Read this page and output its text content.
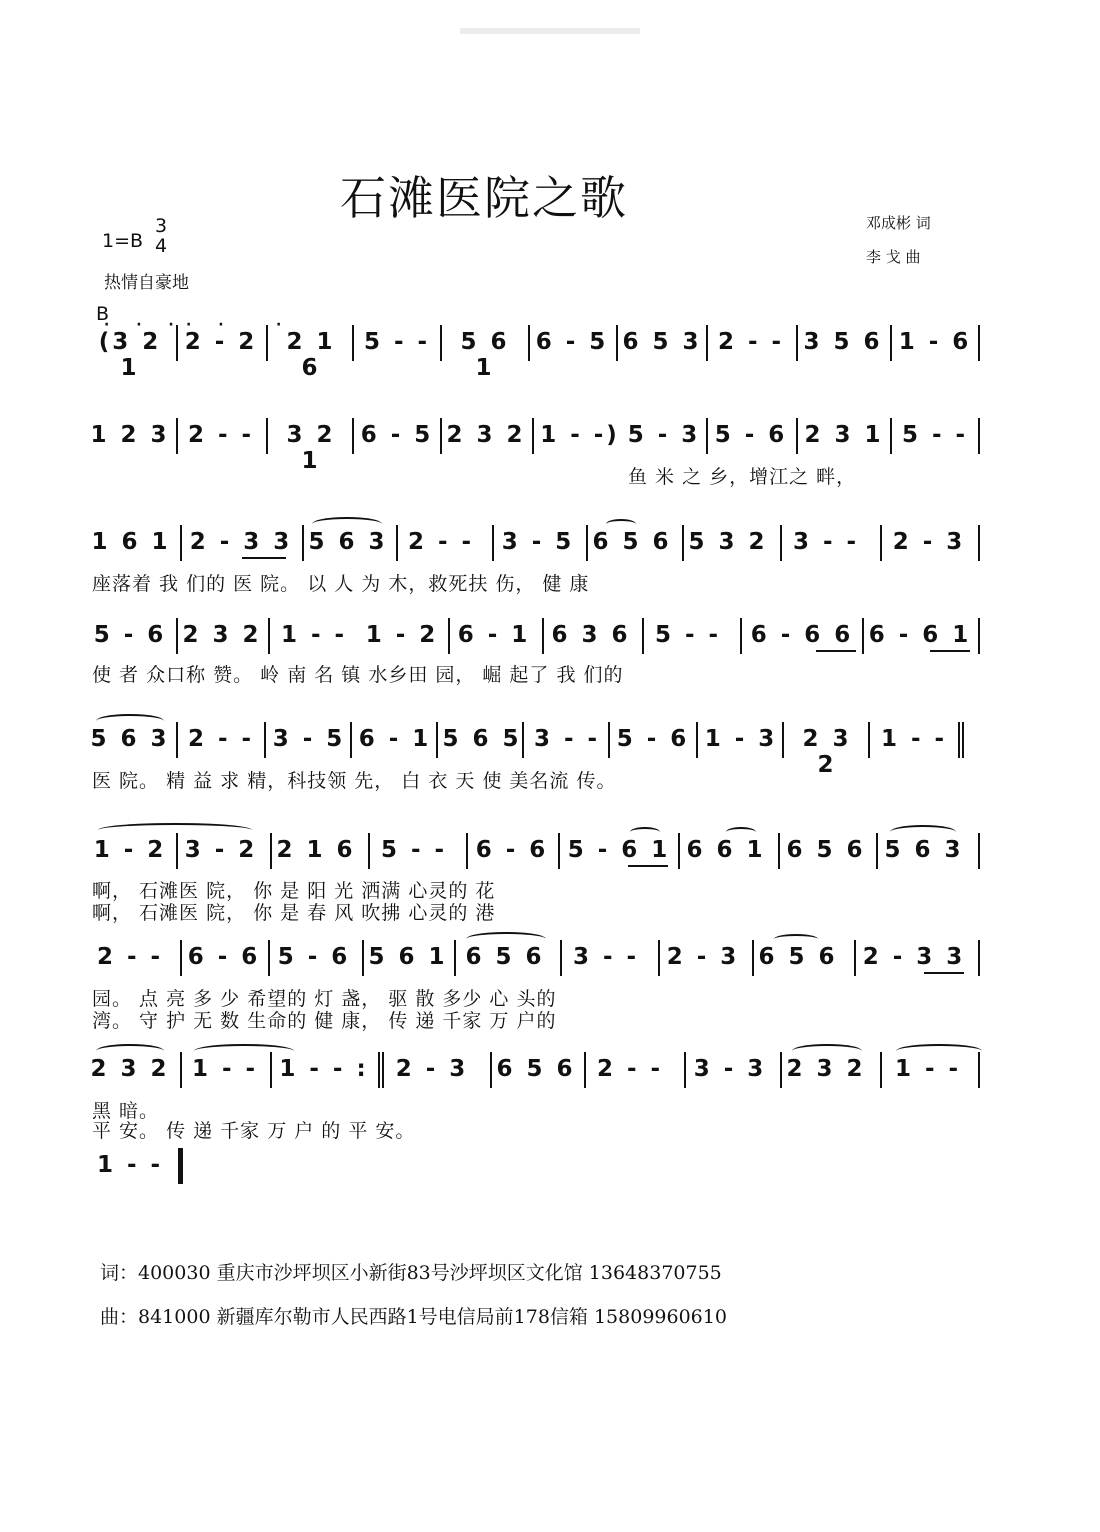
石滩医院之歌
1=B
3
4
热情自豪地
邓成彬 词
李 戈 曲
B
(3 2 1
2 - 2	2 1 6
5 - -	5 6 1
6 - 5 6 5 3 2 - - 3 5 6 1 - 6
· · · · ·	·
1 2 3 2 - -	3 2 1
6 - 5 2 3 2 1 - -) 5 - 3 5 - 6 2 3 1 5 - -
鱼 米 之 乡，增江之 畔，
1 6 1 2 - 3 3 5 6 3 2 - - 3 - 5 6 5 6 5 3 2	3 - -	2 - 3
座落着 我 们的 医 院。 以 人 为 木，救死扶 伤， 健 康
5 - 6 2 3 2 1 - - 1 - 2 6 - 1 6 3 6	5 - -	6 - 6 6 6 - 6 1
使 者 众口称 赞。 岭 南 名 镇 水乡田 园， 崛 起了 我 们的
5 6 3 2 - - 3 - 5 6 - 1 5 6 5 3 - - 5 - 6 1 - 3	2 3 2
1 - -
医 院。 精 益 求 精，科技领 先， 白 衣 天 使 美名流 传。
1 - 2 3 - 2 2 1 6	5 - -	6 - 6 5 - 6 1 6 6 1 6 5 6 5 6 3
啊， 石滩医 院， 你 是 阳 光 洒满 心灵的 花
啊， 石滩医 院， 你 是 春 风 吹拂 心灵的 港
2 - -	6 - 6 5 - 6 5 6 1 6 5 6	3 - -	2 - 3 6 5 6 2 - 3 3
园。 点 亮 多 少 希望的 灯 盏， 驱 散 多少 心 头的
湾。 守 护 无 数 生命的 健 康， 传 递 千家 万 户的
2 3 2 1 - - 1 - - : 2 - 3 6 5 6 2 - -	3 - 3 2 3 2	1 - -
黑 暗。
平 安。 传 递 千家 万 户 的 平 安。
1 - -
词：400030 重庆市沙坪坝区小新街83号沙坪坝区文化馆 13648370755
曲：841000 新疆库尔勒市人民西路1号电信局前178信箱 15809960610
